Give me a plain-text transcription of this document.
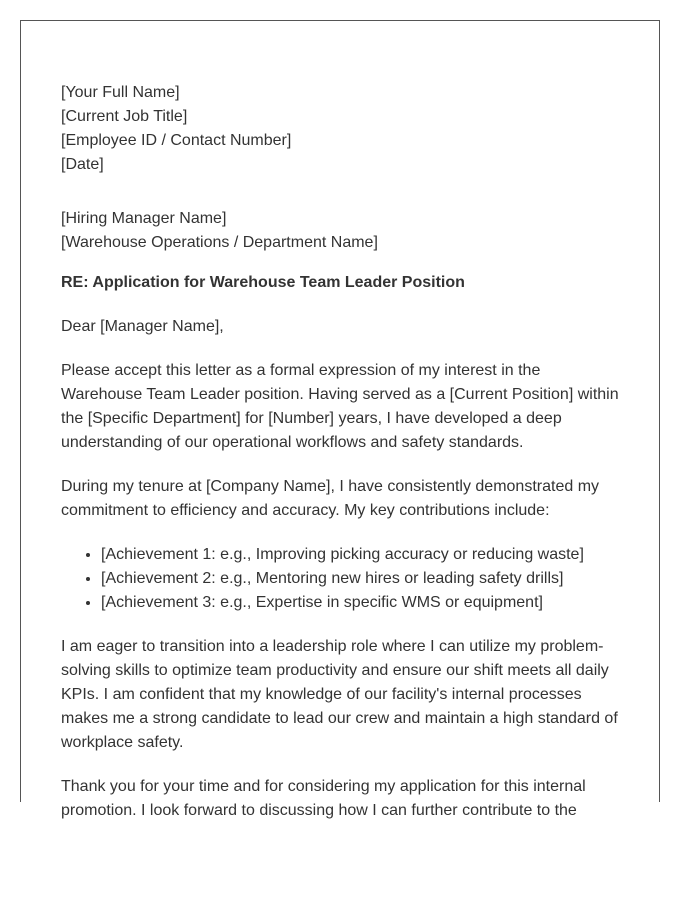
[Your Full Name]
[Current Job Title]
[Employee ID / Contact Number]
[Date]
[Hiring Manager Name]
[Warehouse Operations / Department Name]
RE: Application for Warehouse Team Leader Position
Dear [Manager Name],

Please accept this letter as a formal expression of my interest in the Warehouse Team Leader position. Having served as a [Current Position] within the [Specific Department] for [Number] years, I have developed a deep understanding of our operational workflows and safety standards.

During my tenure at [Company Name], I have consistently demonstrated my commitment to efficiency and accuracy. My key contributions include:

• [Achievement 1: e.g., Improving picking accuracy or reducing waste]
• [Achievement 2: e.g., Mentoring new hires or leading safety drills]
• [Achievement 3: e.g., Expertise in specific WMS or equipment]

I am eager to transition into a leadership role where I can utilize my problem-solving skills to optimize team productivity and ensure our shift meets all daily KPIs. I am confident that my knowledge of our facility's internal processes makes me a strong candidate to lead our crew and maintain a high standard of workplace safety.

Thank you for your time and for considering my application for this internal promotion. I look forward to discussing how I can further contribute to the
